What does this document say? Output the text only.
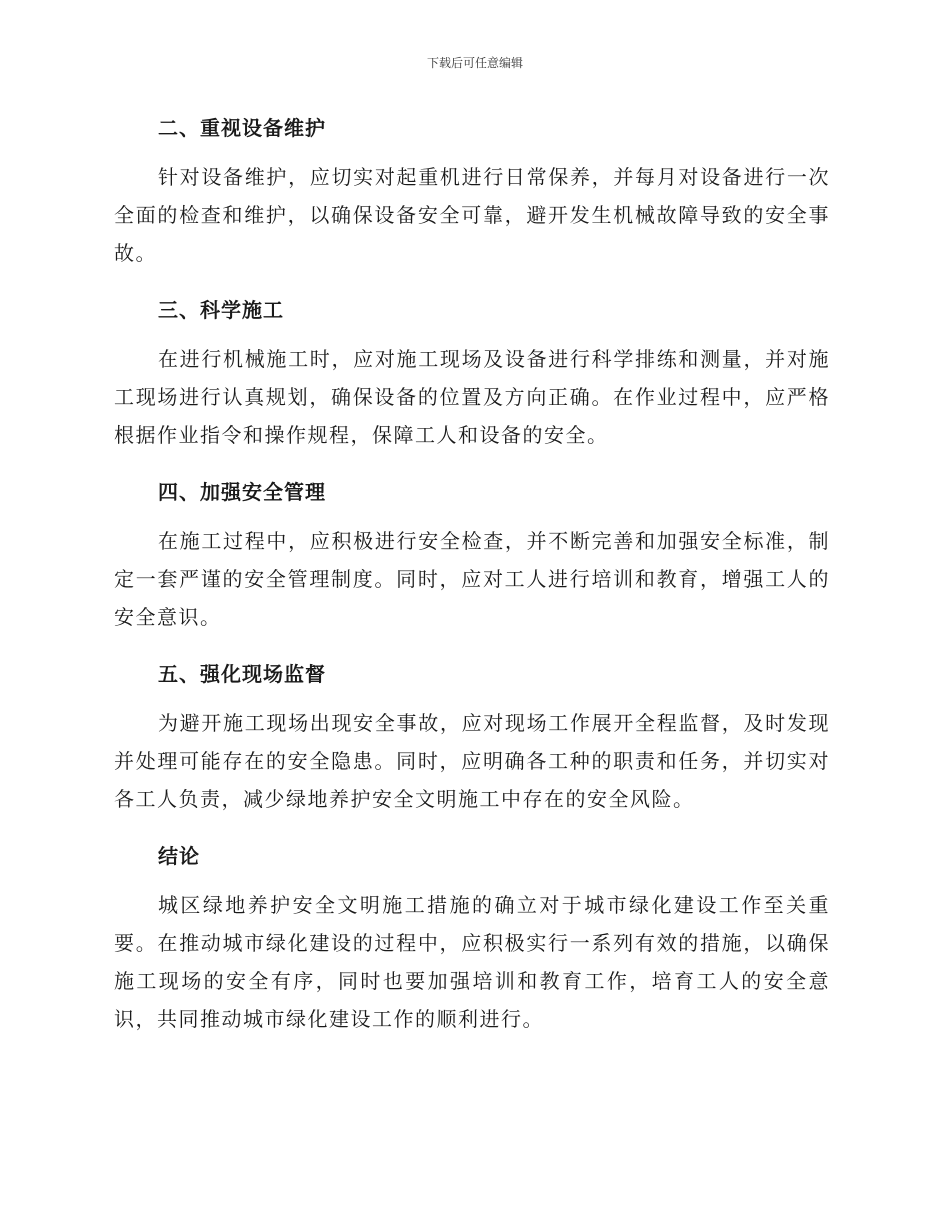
下载后可任意编辑
二、重视设备维护

针对设备维护，应切实对起重机进行日常保养，并每月对设备进行一次全面的检查和维护，以确保设备安全可靠，避开发生机械故障导致的安全事故。

三、科学施工

在进行机械施工时，应对施工现场及设备进行科学排练和测量，并对施工现场进行认真规划，确保设备的位置及方向正确。在作业过程中，应严格根据作业指令和操作规程，保障工人和设备的安全。

四、加强安全管理

在施工过程中，应积极进行安全检查，并不断完善和加强安全标准，制定一套严谨的安全管理制度。同时，应对工人进行培训和教育，增强工人的安全意识。

五、强化现场监督

为避开施工现场出现安全事故，应对现场工作展开全程监督，及时发现并处理可能存在的安全隐患。同时，应明确各工种的职责和任务，并切实对各工人负责，减少绿地养护安全文明施工中存在的安全风险。

结论

城区绿地养护安全文明施工措施的确立对于城市绿化建设工作至关重要。在推动城市绿化建设的过程中，应积极实行一系列有效的措施，以确保施工现场的安全有序，同时也要加强培训和教育工作，培育工人的安全意识，共同推动城市绿化建设工作的顺利进行。
